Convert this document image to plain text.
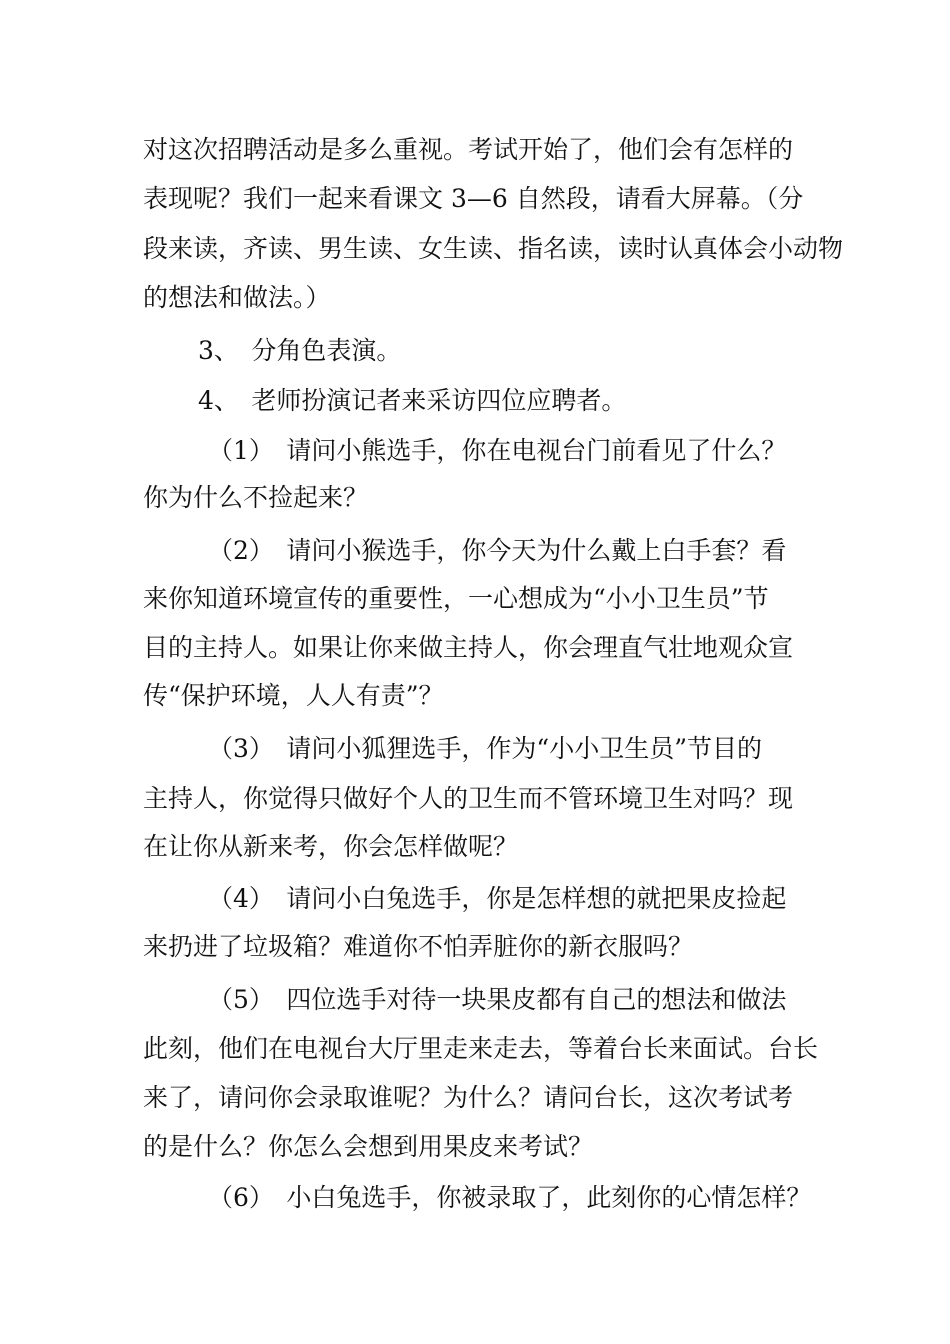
对这次招聘活动是多么重视。考试开始了，他们会有怎样的
表现呢？我们一起来看课文 3—6 自然段，请看大屏幕。（分
段来读，齐读、男生读、女生读、指名读，读时认真体会小动物
的想法和做法。）
3、　分角色表演。
4、　老师扮演记者来采访四位应聘者。
（1）　请问小熊选手，你在电视台门前看见了什么？
你为什么不捡起来？
（2）　请问小猴选手，你今天为什么戴上白手套？看
来你知道环境宣传的重要性，一心想成为“小小卫生员”节
目的主持人。如果让你来做主持人，你会理直气壮地观众宣
传“保护环境，人人有责”？
（3）　请问小狐狸选手，作为“小小卫生员”节目的
主持人，你觉得只做好个人的卫生而不管环境卫生对吗？现
在让你从新来考，你会怎样做呢？
（4）　请问小白兔选手，你是怎样想的就把果皮捡起
来扔进了垃圾箱？难道你不怕弄脏你的新衣服吗？
（5）　四位选手对待一块果皮都有自己的想法和做法
此刻，他们在电视台大厅里走来走去，等着台长来面试。台长
来了，请问你会录取谁呢？为什么？请问台长，这次考试考
的是什么？你怎么会想到用果皮来考试？
（6）　小白兔选手，你被录取了，此刻你的心情怎样？
